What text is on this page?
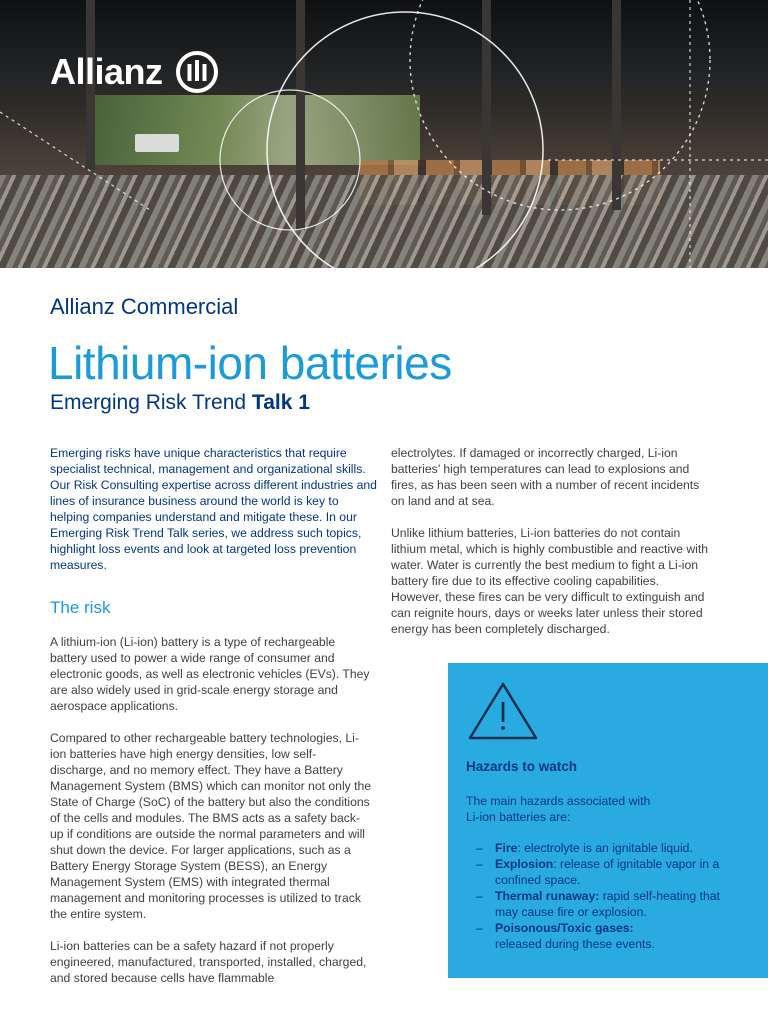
Allianz
Allianz Commercial
Lithium-ion batteries
Emerging Risk Trend Talk 1

Emerging risks have unique characteristics that require specialist technical, management and organizational skills. Our Risk Consulting expertise across different industries and lines of insurance business around the world is key to helping companies understand and mitigate these. In our Emerging Risk Trend Talk series, we address such topics, highlight loss events and look at targeted loss prevention measures.

The risk

A lithium-ion (Li-ion) battery is a type of rechargeable battery used to power a wide range of consumer and electronic goods, as well as electronic vehicles (EVs). They are also widely used in grid-scale energy storage and aerospace applications.

Compared to other rechargeable battery technologies, Li-ion batteries have high energy densities, low self-discharge, and no memory effect. They have a Battery Management System (BMS) which can monitor not only the State of Charge (SoC) of the battery but also the conditions of the cells and modules. The BMS acts as a safety back-up if conditions are outside the normal parameters and will shut down the device. For larger applications, such as a Battery Energy Storage System (BESS), an Energy Management System (EMS) with integrated thermal management and monitoring processes is utilized to track the entire system.

Li-ion batteries can be a safety hazard if not properly engineered, manufactured, transported, installed, charged, and stored because cells have flammable

electrolytes. If damaged or incorrectly charged, Li-ion batteries’ high temperatures can lead to explosions and fires, as has been seen with a number of recent incidents on land and at sea.

Unlike lithium batteries, Li-ion batteries do not contain lithium metal, which is highly combustible and reactive with water. Water is currently the best medium to fight a Li-ion battery fire due to its effective cooling capabilities. However, these fires can be very difficult to extinguish and can reignite hours, days or weeks later unless their stored energy has been completely discharged.

Hazards to watch

The main hazards associated with Li-ion batteries are:

– Fire: electrolyte is an ignitable liquid.
– Explosion: release of ignitable vapor in a confined space.
– Thermal runaway: rapid self-heating that may cause fire or explosion.
– Poisonous/Toxic gases:
released during these events.
